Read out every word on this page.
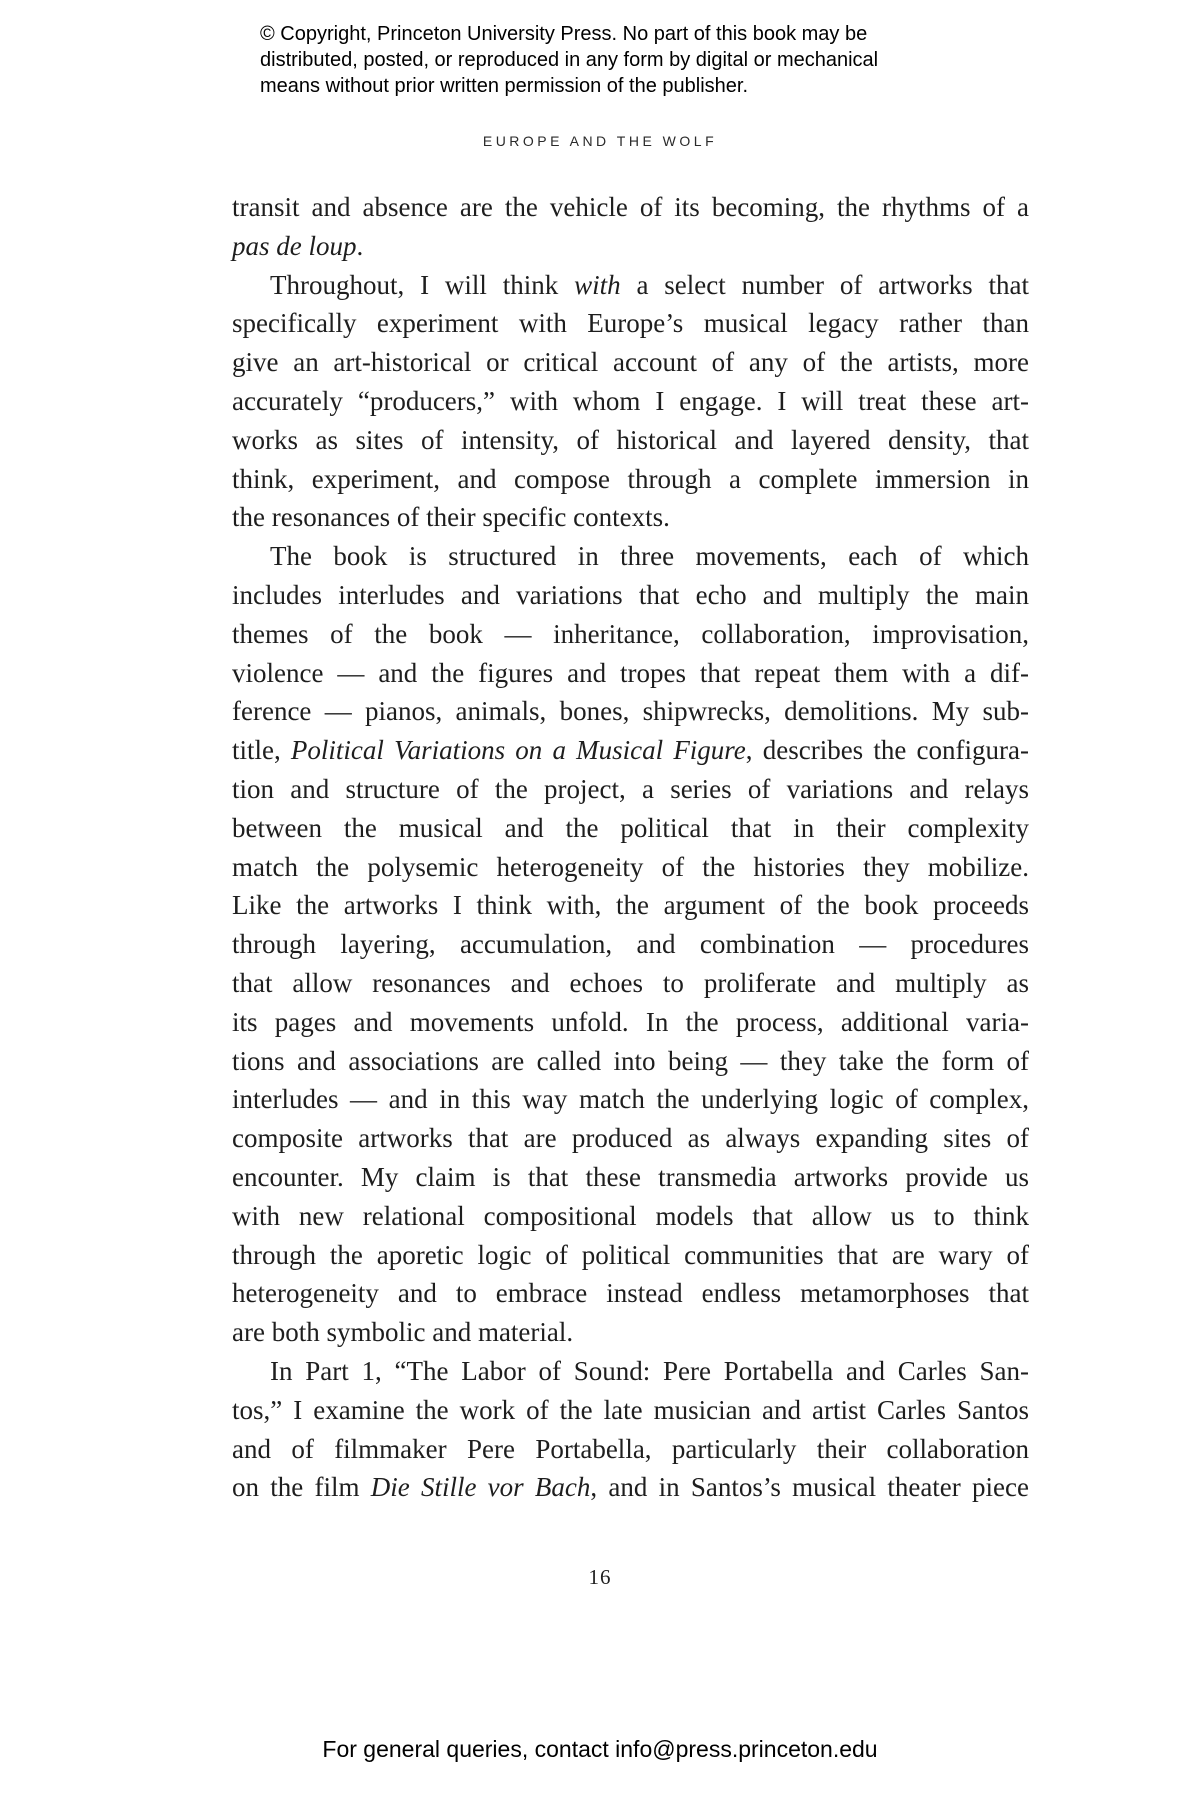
© Copyright, Princeton University Press. No part of this book may be
distributed, posted, or reproduced in any form by digital or mechanical
means without prior written permission of the publisher.
EUROPE AND THE WOLF
transit and absence are the vehicle of its becoming, the rhythms of a
pas de loup.
Throughout, I will think with a select number of artworks that
specifically experiment with Europe’s musical legacy rather than
give an art-historical or critical account of any of the artists, more
accurately “producers,” with whom I engage. I will treat these art-
works as sites of intensity, of historical and layered density, that
think, experiment, and compose through a complete immersion in
the resonances of their specific contexts.
The book is structured in three movements, each of which
includes interludes and variations that echo and multiply the main
themes of the book — inheritance, collaboration, improvisation,
violence — and the figures and tropes that repeat them with a dif-
ference — pianos, animals, bones, shipwrecks, demolitions. My sub-
title, Political Variations on a Musical Figure, describes the configura-
tion and structure of the project, a series of variations and relays
between the musical and the political that in their complexity
match the polysemic heterogeneity of the histories they mobilize.
Like the artworks I think with, the argument of the book proceeds
through layering, accumulation, and combination — procedures
that allow resonances and echoes to proliferate and multiply as
its pages and movements unfold. In the process, additional varia-
tions and associations are called into being — they take the form of
interludes — and in this way match the underlying logic of complex,
composite artworks that are produced as always expanding sites of
encounter. My claim is that these transmedia artworks provide us
with new relational compositional models that allow us to think
through the aporetic logic of political communities that are wary of
heterogeneity and to embrace instead endless metamorphoses that
are both symbolic and material.
In Part 1, “The Labor of Sound: Pere Portabella and Carles San-
tos,” I examine the work of the late musician and artist Carles Santos
and of filmmaker Pere Portabella, particularly their collaboration
on the film Die Stille vor Bach, and in Santos’s musical theater piece
16
For general queries, contact info@press.princeton.edu
